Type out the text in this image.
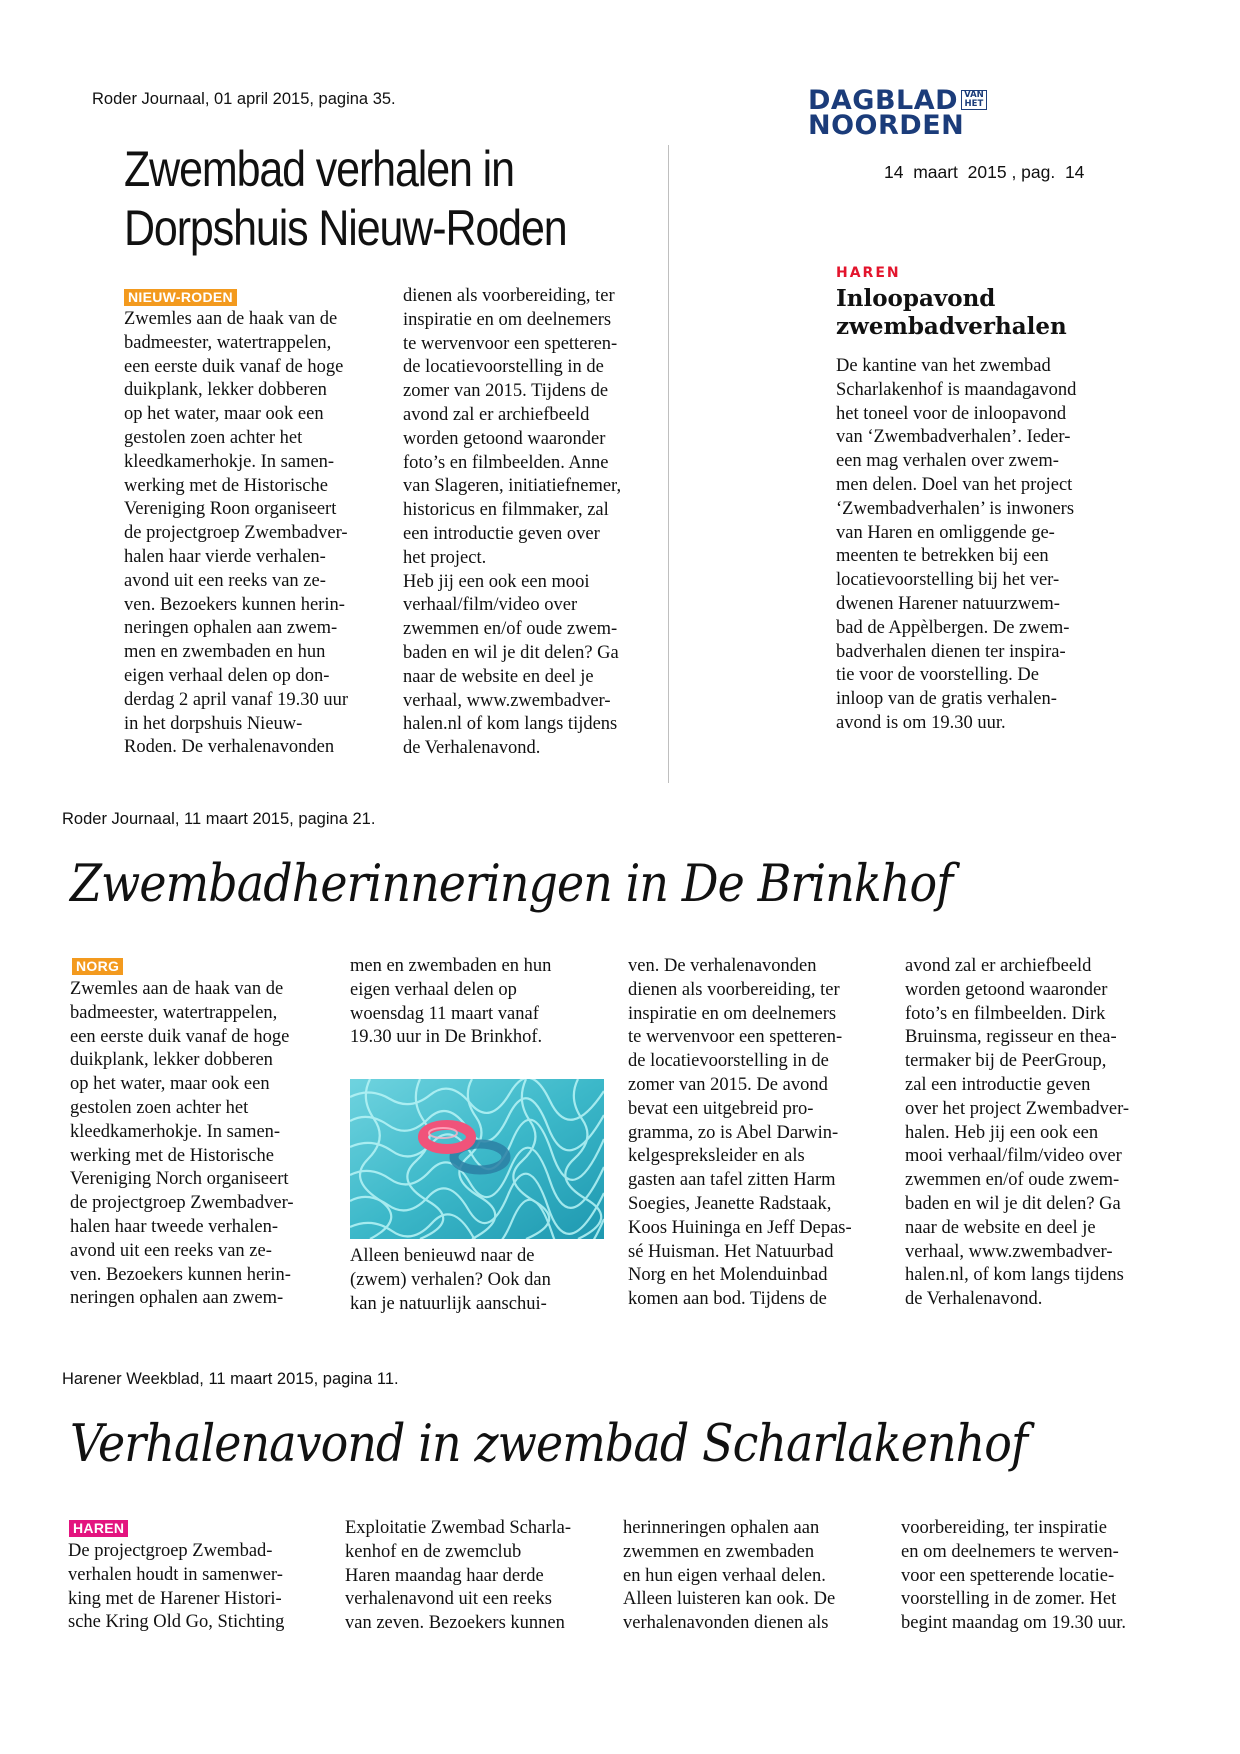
Roder Journaal, 01 april 2015, pagina 35.
Zwembad verhalen in
Dorpshuis Nieuw-Roden
NIEUW-RODEN
Zwemles aan de haak van de
badmeester, watertrappelen,
een eerste duik vanaf de hoge
duikplank, lekker dobberen
op het water, maar ook een
gestolen zoen achter het
kleedkamerhokje. In samen-
werking met de Historische
Vereniging Roon organiseert
de projectgroep Zwembadver-
halen haar vierde verhalen-
avond uit een reeks van ze-
ven. Bezoekers kunnen herin-
neringen ophalen aan zwem-
men en zwembaden en hun
eigen verhaal delen op don-
derdag 2 april vanaf 19.30 uur
in het dorpshuis Nieuw-
Roden. De verhalenavonden
dienen als voorbereiding, ter
inspiratie en om deelnemers
te wervenvoor een spetteren-
de locatievoorstelling in de
zomer van 2015. Tijdens de
avond zal er archiefbeeld
worden getoond waaronder
foto’s en filmbeelden. Anne
van Slageren, initiatiefnemer,
historicus en filmmaker, zal
een introductie geven over
het project.
Heb jij een ook een mooi
verhaal/film/video over
zwemmen en/of oude zwem-
baden en wil je dit delen? Ga
naar de website en deel je
verhaal, www.zwembadver-
halen.nl of kom langs tijdens
de Verhalenavond.
DAGBLAD VAN
HET
NOORDEN
14  maart  2015 , pag.  14
HAREN
Inloopavond
zwembadverhalen
De kantine van het zwembad
Scharlakenhof is maandagavond
het toneel voor de inloopavond
van ‘Zwembadverhalen’. Ieder-
een mag verhalen over zwem-
men delen. Doel van het project
‘Zwembadverhalen’ is inwoners
van Haren en omliggende ge-
meenten te betrekken bij een
locatievoorstelling bij het ver-
dwenen Harener natuurzwem-
bad de Appèlbergen. De zwem-
badverhalen dienen ter inspira-
tie voor de voorstelling. De
inloop van de gratis verhalen-
avond is om 19.30 uur.
Roder Journaal, 11 maart 2015, pagina 21.
Zwembadherinneringen in De Brinkhof
NORG
Zwemles aan de haak van de
badmeester, watertrappelen,
een eerste duik vanaf de hoge
duikplank, lekker dobberen
op het water, maar ook een
gestolen zoen achter het
kleedkamerhokje. In samen-
werking met de Historische
Vereniging Norch organiseert
de projectgroep Zwembadver-
halen haar tweede verhalen-
avond uit een reeks van ze-
ven. Bezoekers kunnen herin-
neringen ophalen aan zwem-
men en zwembaden en hun
eigen verhaal delen op
woensdag 11 maart vanaf
19.30 uur in De Brinkhof.
Alleen benieuwd naar de
(zwem) verhalen? Ook dan
kan je natuurlijk aanschui-
ven. De verhalenavonden
dienen als voorbereiding, ter
inspiratie en om deelnemers
te wervenvoor een spetteren-
de locatievoorstelling in de
zomer van 2015. De avond
bevat een uitgebreid pro-
gramma, zo is Abel Darwin-
kelgespreksleider en als
gasten aan tafel zitten Harm
Soegies, Jeanette Radstaak,
Koos Huininga en Jeff Depas-
sé Huisman. Het Natuurbad
Norg en het Molenduinbad
komen aan bod. Tijdens de
avond zal er archiefbeeld
worden getoond waaronder
foto’s en filmbeelden. Dirk
Bruinsma, regisseur en thea-
termaker bij de PeerGroup,
zal een introductie geven
over het project Zwembadver-
halen. Heb jij een ook een
mooi verhaal/film/video over
zwemmen en/of oude zwem-
baden en wil je dit delen? Ga
naar de website en deel je
verhaal, www.zwembadver-
halen.nl, of kom langs tijdens
de Verhalenavond.
Harener Weekblad, 11 maart 2015, pagina 11.
Verhalenavond in zwembad Scharlakenhof
HAREN
De projectgroep Zwembad-
verhalen houdt in samenwer-
king met de Harener Histori-
sche Kring Old Go, Stichting
Exploitatie Zwembad Scharla-
kenhof en de zwemclub
Haren maandag haar derde
verhalenavond uit een reeks
van zeven. Bezoekers kunnen
herinneringen ophalen aan
zwemmen en zwembaden
en hun eigen verhaal delen.
Alleen luisteren kan ook. De
verhalenavonden dienen als
voorbereiding, ter inspiratie
en om deelnemers te werven-
voor een spetterende locatie-
voorstelling in de zomer. Het
begint maandag om 19.30 uur.
